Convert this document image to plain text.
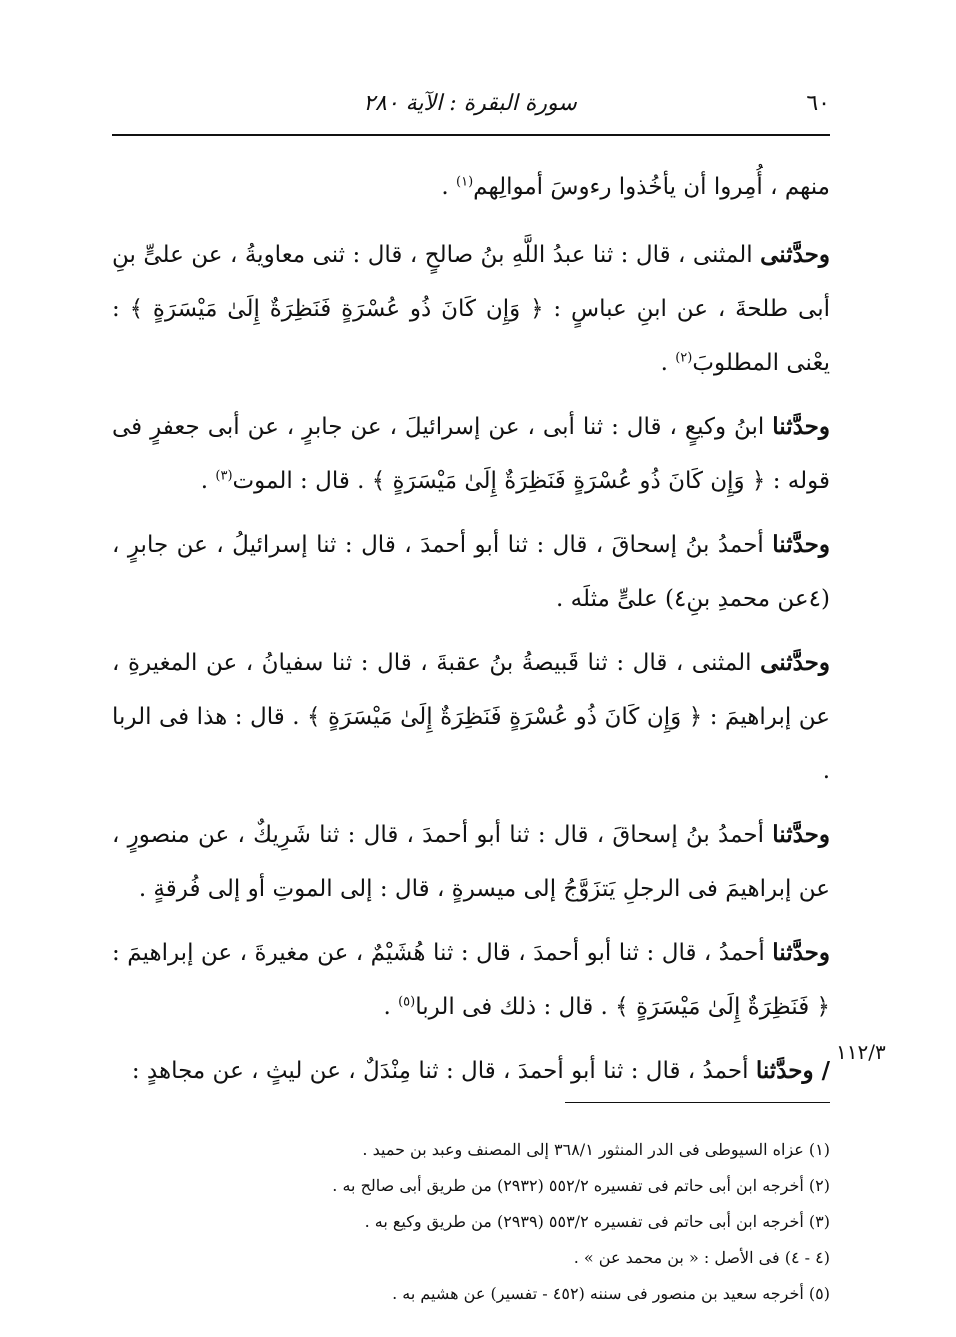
٦٠
سورة البقرة : الآية ٢٨٠

منهم ، أُمِروا أن يأخُذوا رءوسَ أموالِهم$^{(١)}$ .

وحدَّثنى المثنى ، قال : ثنا عبدُ اللَّهِ بنُ صالحٍ ، قال : ثنى معاويةُ ، عن علىٍّ بنِ أبى طلحةَ ، عن ابنِ عباسٍ : ﴿ وَإِن كَانَ ذُو عُسْرَةٍ فَنَظِرَةٌ إِلَىٰ مَيْسَرَةٍ ﴾ : يعْنى المطلوبَ$^{(٢)}$ .

وحدَّثنا ابنُ وكيعٍ ، قال : ثنا أبى ، عن إسرائيلَ ، عن جابرٍ ، عن أبى جعفرٍ فى قوله : ﴿ وَإِن كَانَ ذُو عُسْرَةٍ فَنَظِرَةٌ إِلَىٰ مَيْسَرَةٍ ﴾ . قال : الموت$^{(٣)}$ .

وحدَّثنا أحمدُ بنُ إسحاقَ ، قال : ثنا أبو أحمدَ ، قال : ثنا إسرائيلُ ، عن جابرٍ ، (٤عن محمدِ بنِ٤) علىٍّ مثلَه .

وحدَّثنى المثنى ، قال : ثنا قَبيصةُ بنُ عقبةَ ، قال : ثنا سفيانُ ، عن المغيرةِ ، عن إبراهيمَ : ﴿ وَإِن كَانَ ذُو عُسْرَةٍ فَنَظِرَةٌ إِلَىٰ مَيْسَرَةٍ ﴾ . قال : هذا فى الربا .

وحدَّثنا أحمدُ بنُ إسحاقَ ، قال : ثنا أبو أحمدَ ، قال : ثنا شَرِيكٌ ، عن منصورٍ ، عن إبراهيمَ فى الرجلِ يَتزَوَّجُ إلى ميسرةٍ ، قال : إلى الموتِ أو إلى فُرقةٍ .

وحدَّثنا أحمدُ ، قال : ثنا أبو أحمدَ ، قال : ثنا هُشَيْمٌ ، عن مغيرةَ ، عن إبراهيمَ : ﴿ فَنَظِرَةٌ إِلَىٰ مَيْسَرَةٍ ﴾ . قال : ذلك فى الربا$^{(٥)}$ .

/ وحدَّثنا أحمدُ ، قال : ثنا أبو أحمدَ ، قال : ثنا مِنْدَلٌ ، عن ليثٍ ، عن مجاهدٍ :

١١٢/٣

(١) عزاه السيوطى فى الدر المنثور ٣٦٨/١ إلى المصنف وعبد بن حميد .

(٢) أخرجه ابن أبى حاتم فى تفسيره ٥٥٢/٢ (٢٩٣٢) من طريق أبى صالح به .

(٣) أخرجه ابن أبى حاتم فى تفسيره ٥٥٣/٢ (٢٩٣٩) من طريق وكيع به .

(٤ - ٤) فى الأصل : « بن محمد عن » .

(٥) أخرجه سعيد بن منصور فى سننه (٤٥٢ - تفسير) عن هشيم به .
